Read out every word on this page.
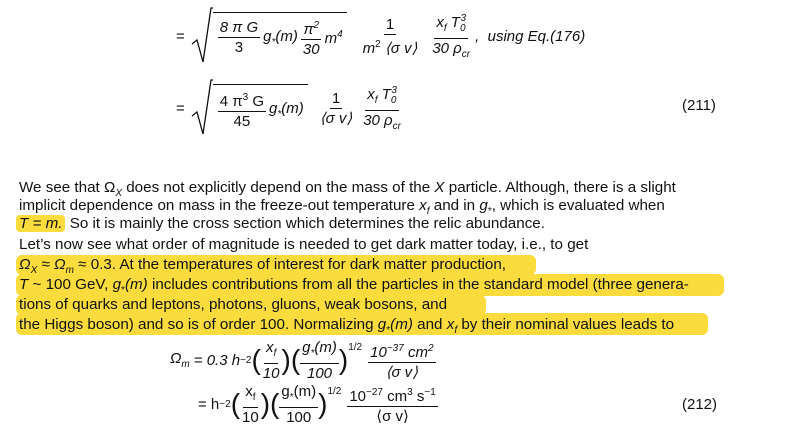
= $\frac{\text{8 π G}}{3} g_*(m) \frac{\pi^2}{30} m^4 \frac{1}{m^2 ⟨\sigma v⟩} \frac{x_f T_0^3}{30 \rho_{cr}}$ ,  using Eq.(176)
= $\frac{4 \pi^3 G}{45} g_*(m) \frac{1}{\text{⟨σ v⟩}} \frac{x_f T_0^3}{30 \rho_{cr}}$	(211)
We see that $\Omega_X$ does not explicitly depend on the mass of the X particle. Although, there is a slight
implicit dependence on mass in the freeze-out temperature $x_f$ and in $g_*$, which is evaluated when
T = m. So it is mainly the cross section which determines the relic abundance.
Let’s now see what order of magnitude is needed to get dark matter today, i.e., to get
$\Omega_X \approx \Omega_m \approx 0.3$. At the temperatures of interest for dark matter production,
T ~ 100 GeV, $g_*(m)$ includes contributions from all the particles in the standard model (three genera-
tions of quarks and leptons, photons, gluons, weak bosons, and
the Higgs boson) and so is of order 100. Normalizing $g_*(m)$ and $x_f$ by their nominal values leads to
$\Omega_m = 0.3$ h −2 ( $\frac{x_f}{10}$ ) ( $\frac{g_*(m)}{100} )^{1/2} \frac{10^{-37} cm^2}{\text{⟨σ v⟩}}$
= h −2 ( $\frac{x_f}{10}$ ) ( $\frac{g_*(m)}{100} )^{1/2} \frac{10^{-27} cm^3 s^{-1}}{\text{⟨σ v⟩}}$	(212)
